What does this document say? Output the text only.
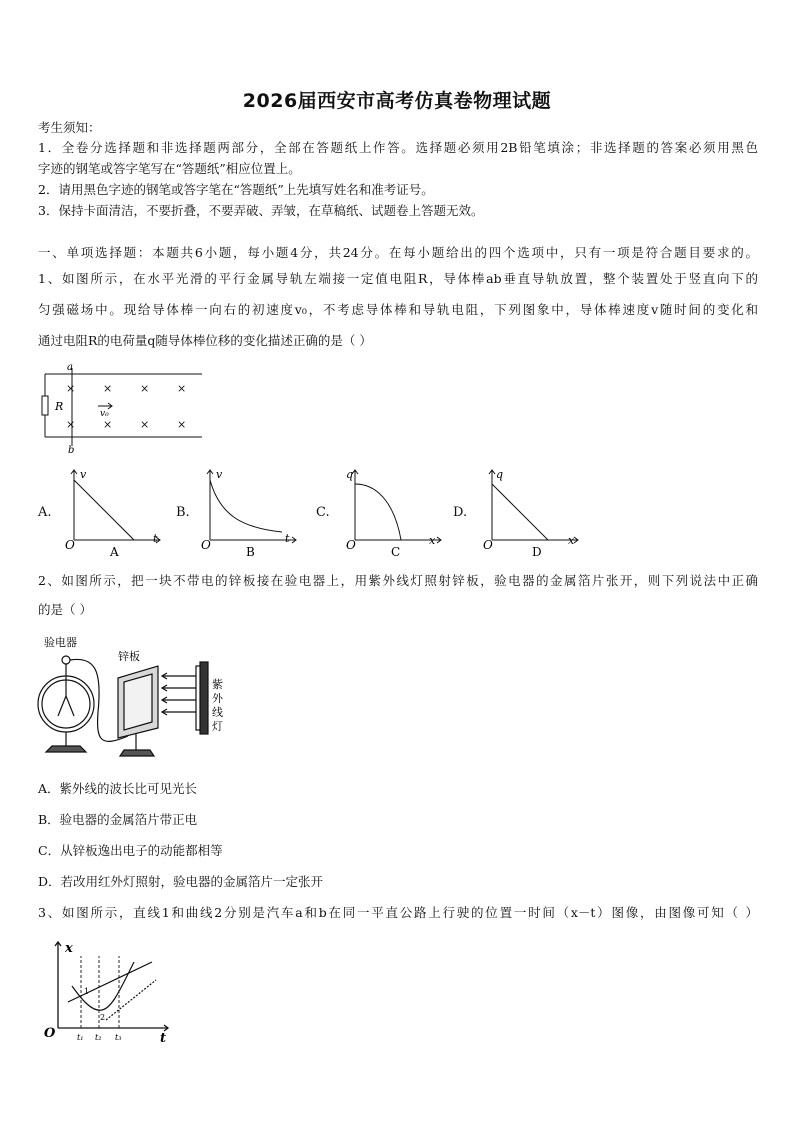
2026届西安市高考仿真卷物理试题
考生须知：
1．全卷分选择题和非选择题两部分，全部在答题纸上作答。选择题必须用2B铅笔填涂；非选择题的答案必须用黑色
字迹的钢笔或答字笔写在“答题纸”相应位置上。
2．请用黑色字迹的钢笔或答字笔在“答题纸”上先填写姓名和准考证号。
3．保持卡面清洁，不要折叠，不要弄破、弄皱，在草稿纸、试题卷上答题无效。
一、单项选择题：本题共6小题，每小题4分，共24分。在每小题给出的四个选项中，只有一项是符合题目要求的。
1、如图所示，在水平光滑的平行金属导轨左端接一定值电阻R，导体棒ab垂直导轨放置，整个装置处于竖直向下的
匀强磁场中。现给导体棒一向右的初速度v₀，不考虑导体棒和导轨电阻，下列图象中，导体棒速度v随时间的变化和
通过电阻R的电荷量q随导体棒位移的变化描述正确的是（ ）
a
b
R
v₀
×	×	×	×
×	×	×	×
A.
v
t
O	A
B.
v
t
O	B
C.
q
x
O	C
D.
q
x
O	D
2、如图所示，把一块不带电的锌板接在验电器上，用紫外线灯照射锌板，验电器的金属箔片张开，则下列说法中正确
的是（ ）
验电器
锌板
紫
外
线
灯
A．紫外线的波长比可见光长
B．验电器的金属箔片带正电
C．从锌板逸出电子的动能都相等
D．若改用红外灯照射，验电器的金属箔片一定张开
3、如图所示，直线1和曲线2分别是汽车a和b在同一平直公路上行驶的位置一时间（x－t）图像，由图像可知（ ）
x
t
O
1
2
t₁ t₂ t₃
